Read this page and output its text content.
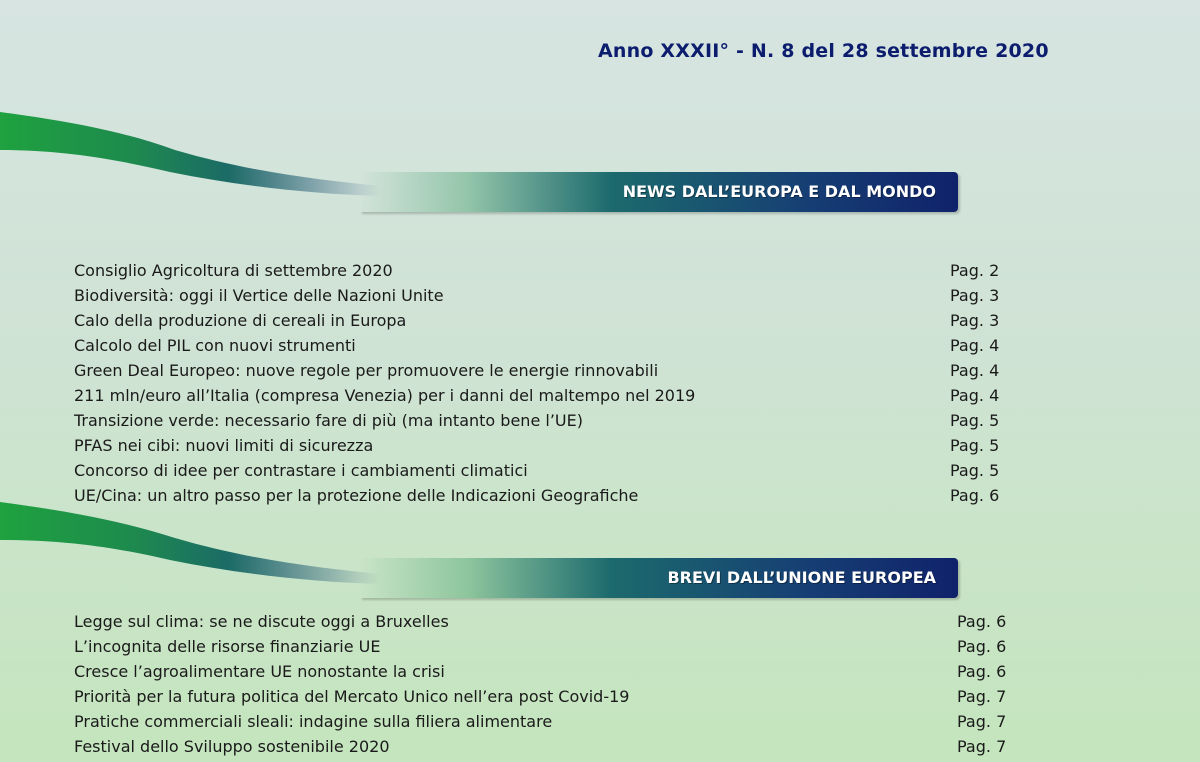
Anno XXXII° - N. 8 del 28 settembre 2020
NEWS DALL’EUROPA E DAL MONDO
Consiglio Agricoltura di settembre 2020	Pag. 2
Biodiversità: oggi il Vertice delle Nazioni Unite	Pag. 3
Calo della produzione di cereali in Europa	Pag. 3
Calcolo del PIL con nuovi strumenti	Pag. 4
Green Deal Europeo: nuove regole per promuovere le energie rinnovabili	Pag. 4
211 mln/euro all’Italia (compresa Venezia) per i danni del maltempo nel 2019	Pag. 4
Transizione verde: necessario fare di più (ma intanto bene l’UE)	Pag. 5
PFAS nei cibi: nuovi limiti di sicurezza	Pag. 5
Concorso di idee per contrastare i cambiamenti climatici	Pag. 5
UE/Cina: un altro passo per la protezione delle Indicazioni Geografiche	Pag. 6
BREVI DALL’UNIONE EUROPEA
Legge sul clima: se ne discute oggi a Bruxelles	Pag. 6
L’incognita delle risorse finanziarie UE	Pag. 6
Cresce l’agroalimentare UE nonostante la crisi	Pag. 6
Priorità per la futura politica del Mercato Unico nell’era post Covid-19	Pag. 7
Pratiche commerciali sleali: indagine sulla filiera alimentare	Pag. 7
Festival dello Sviluppo sostenibile 2020	Pag. 7
